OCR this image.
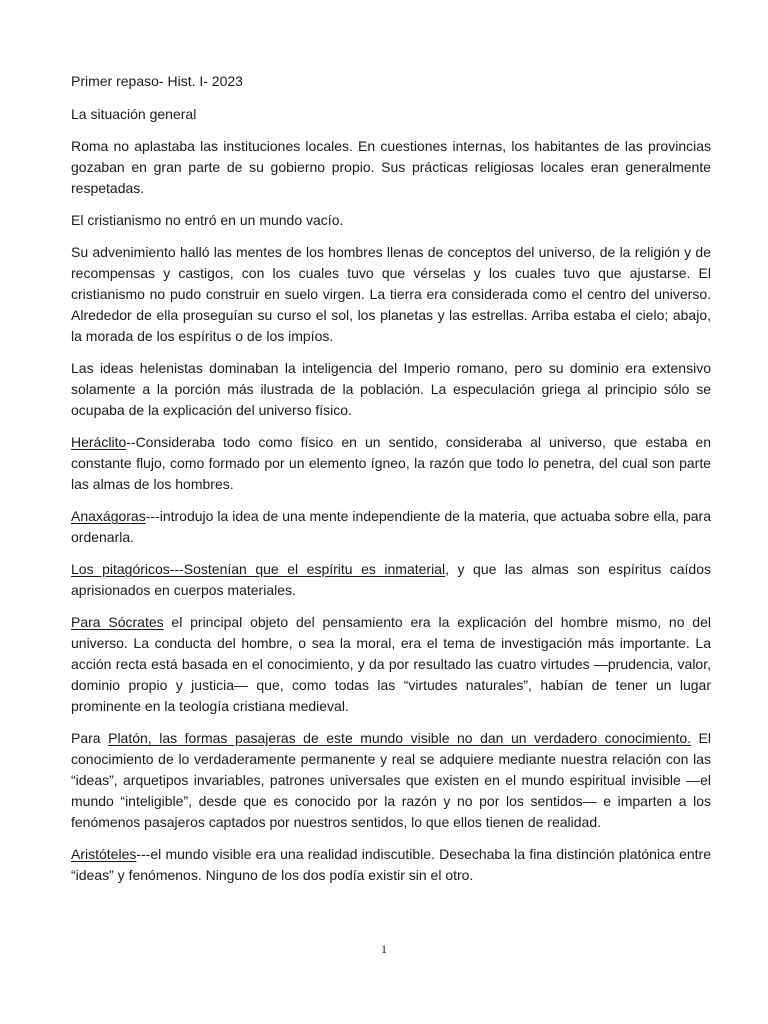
Primer repaso- Hist. I- 2023

La situación general

Roma no aplastaba las instituciones locales. En cuestiones internas, los habitantes de las provincias gozaban en gran parte de su gobierno propio. Sus prácticas religiosas locales eran generalmente respetadas.

El cristianismo no entró en un mundo vacío.

Su advenimiento halló las mentes de los hombres llenas de conceptos del universo, de la religión y de recompensas y castigos, con los cuales tuvo que vérselas y los cuales tuvo que ajustarse. El cristianismo no pudo construir en suelo virgen. La tierra era considerada como el centro del universo. Alrededor de ella proseguían su curso el sol, los planetas y las estrellas. Arriba estaba el cielo; abajo, la morada de los espíritus o de los impíos.

Las ideas helenistas dominaban la inteligencia del Imperio romano, pero su dominio era extensivo solamente a la porción más ilustrada de la población. La especulación griega al principio sólo se ocupaba de la explicación del universo físico.

Heráclito--Consideraba todo como físico en un sentido, consideraba al universo, que estaba en constante flujo, como formado por un elemento ígneo, la razón que todo lo penetra, del cual son parte las almas de los hombres.

Anaxágoras---introdujo la idea de una mente independiente de la materia, que actuaba sobre ella, para ordenarla.

Los pitagóricos---Sostenían que el espíritu es inmaterial, y que las almas son espíritus caídos aprisionados en cuerpos materiales.

Para Sócrates el principal objeto del pensamiento era la explicación del hombre mismo, no del universo. La conducta del hombre, o sea la moral, era el tema de investigación más importante. La acción recta está basada en el conocimiento, y da por resultado las cuatro virtudes —prudencia, valor, dominio propio y justicia— que, como todas las “virtudes naturales”, habían de tener un lugar prominente en la teología cristiana medieval.

Para Platón, las formas pasajeras de este mundo visible no dan un verdadero conocimiento. El conocimiento de lo verdaderamente permanente y real se adquiere mediante nuestra relación con las “ideas”, arquetipos invariables, patrones universales que existen en el mundo espiritual invisible —el mundo “inteligible”, desde que es conocido por la razón y no por los sentidos— e imparten a los fenómenos pasajeros captados por nuestros sentidos, lo que ellos tienen de realidad.

Aristóteles---el mundo visible era una realidad indiscutible. Desechaba la fina distinción platónica entre “ideas” y fenómenos. Ninguno de los dos podía existir sin el otro.

1
